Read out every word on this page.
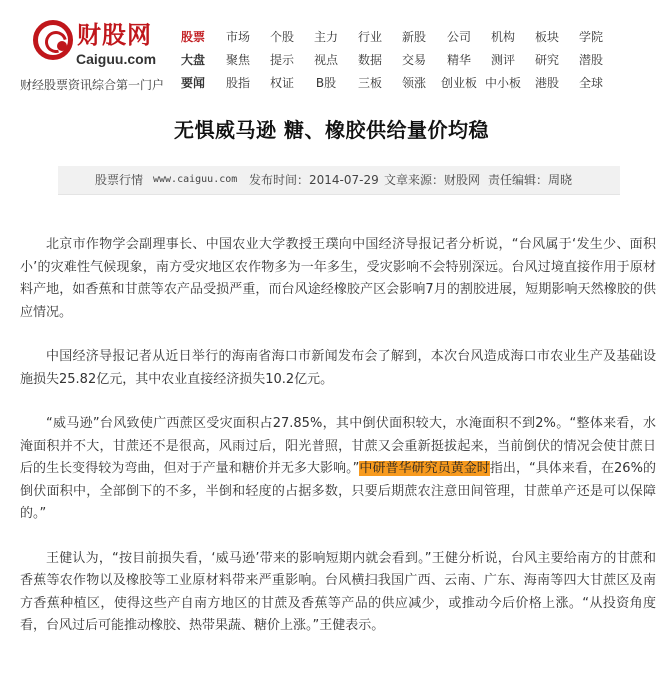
财股网
Caiguu.com
财经股票资讯综合第一门户
股票	市场	个股	主力	行业	新股	公司	机构	板块	学院
大盘	聚焦	提示	视点	数据	交易	精华	测评	研究	潜股
要闻	股指	权证	B股	三板	领涨	创业板 中小板	港股	全球
无惧威马逊 糖、橡胶供给量价均稳
股票行情 www.caiguu.com 发布时间： 2014-07-29 文章来源： 财股网 责任编辑： 周晓

北京市作物学会副理事长、中国农业大学教授王璞向中国经济导报记者分析说，“台风属于‘发生少、面积小’的灾难性气候现象，南方受灾地区农作物多为一年多生，受灾影响不会特别深远。台风过境直接作用于原材料产地，如香蕉和甘蔗等农产品受损严重，而台风途经橡胶产区会影响7月的割胶进展，短期影响天然橡胶的供应情况。

中国经济导报记者从近日举行的海南省海口市新闻发布会了解到，本次台风造成海口市农业生产及基础设施损失25.82亿元，其中农业直接经济损失10.2亿元。

“威马逊”台风致使广西蔗区受灾面积占27.85%，其中倒伏面积较大，水淹面积不到2%。“整体来看，水淹面积并不大，甘蔗还不是很高，风雨过后，阳光普照，甘蔗又会重新挺拔起来，当前倒伏的情况会使甘蔗日后的生长变得较为弯曲，但对于产量和糖价并无多大影响。”中研普华研究员黄金时指出，“具体来看，在26%的倒伏面积中，全部倒下的不多，半倒和轻度的占据多数，只要后期蔗农注意田间管理，甘蔗单产还是可以保障的。”

王健认为，“按目前损失看，‘威马逊’带来的影响短期内就会看到。”王健分析说，台风主要给南方的甘蔗和香蕉等农作物以及橡胶等工业原材料带来严重影响。台风横扫我国广西、云南、广东、海南等四大甘蔗区及南方香蕉种植区，使得这些产自南方地区的甘蔗及香蕉等产品的供应减少，或推动今后价格上涨。“从投资角度看，台风过后可能推动橡胶、热带果蔬、糖价上涨。”王健表示。
